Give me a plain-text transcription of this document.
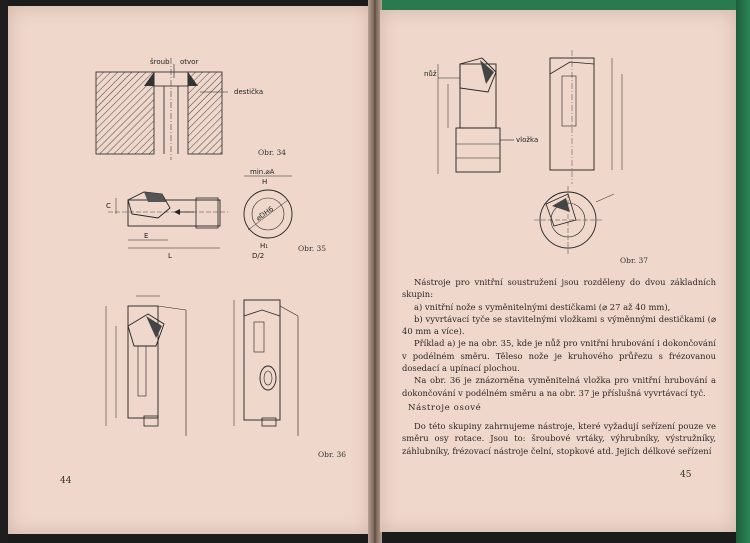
šroub otvor
destička
Obr. 34
E
L
C
min.⌀A
H
⌀DH6
H₁
D/2
Obr. 35
Obr. 36
44
nůž
vložka
Obr. 37

Nástroje pro vnitřní soustružení jsou rozděleny do dvou základních skupin:

a) vnitřní nože s vyměnitelnými destičkami (⌀ 27 až 40 mm),

b) vyvrtávací tyče se stavitelnými vložkami s výměnnými destičkami (⌀ 40 mm a více).

Příklad a) je na obr. 35, kde je nůž pro vnitřní hrubování i dokončování v podélném směru. Těleso nože je kruhového průřezu s frézovanou dosedací a upínací plochou.

Na obr. 36 je znázorněna vyměnitelná vložka pro vnitřní hrubování a dokončování v podélném směru a na obr. 37 je příslušná vyvrtávací tyč.

Nástroje osové

Do této skupiny zahrnujeme nástroje, které vyžadují seřízení pouze ve směru osy rotace. Jsou to: šroubové vrtáky, výhrubníky, výstružníky, záhlubníky, frézovací nástroje čelní, stopkové atd. Jejich délkové seřízení

45
